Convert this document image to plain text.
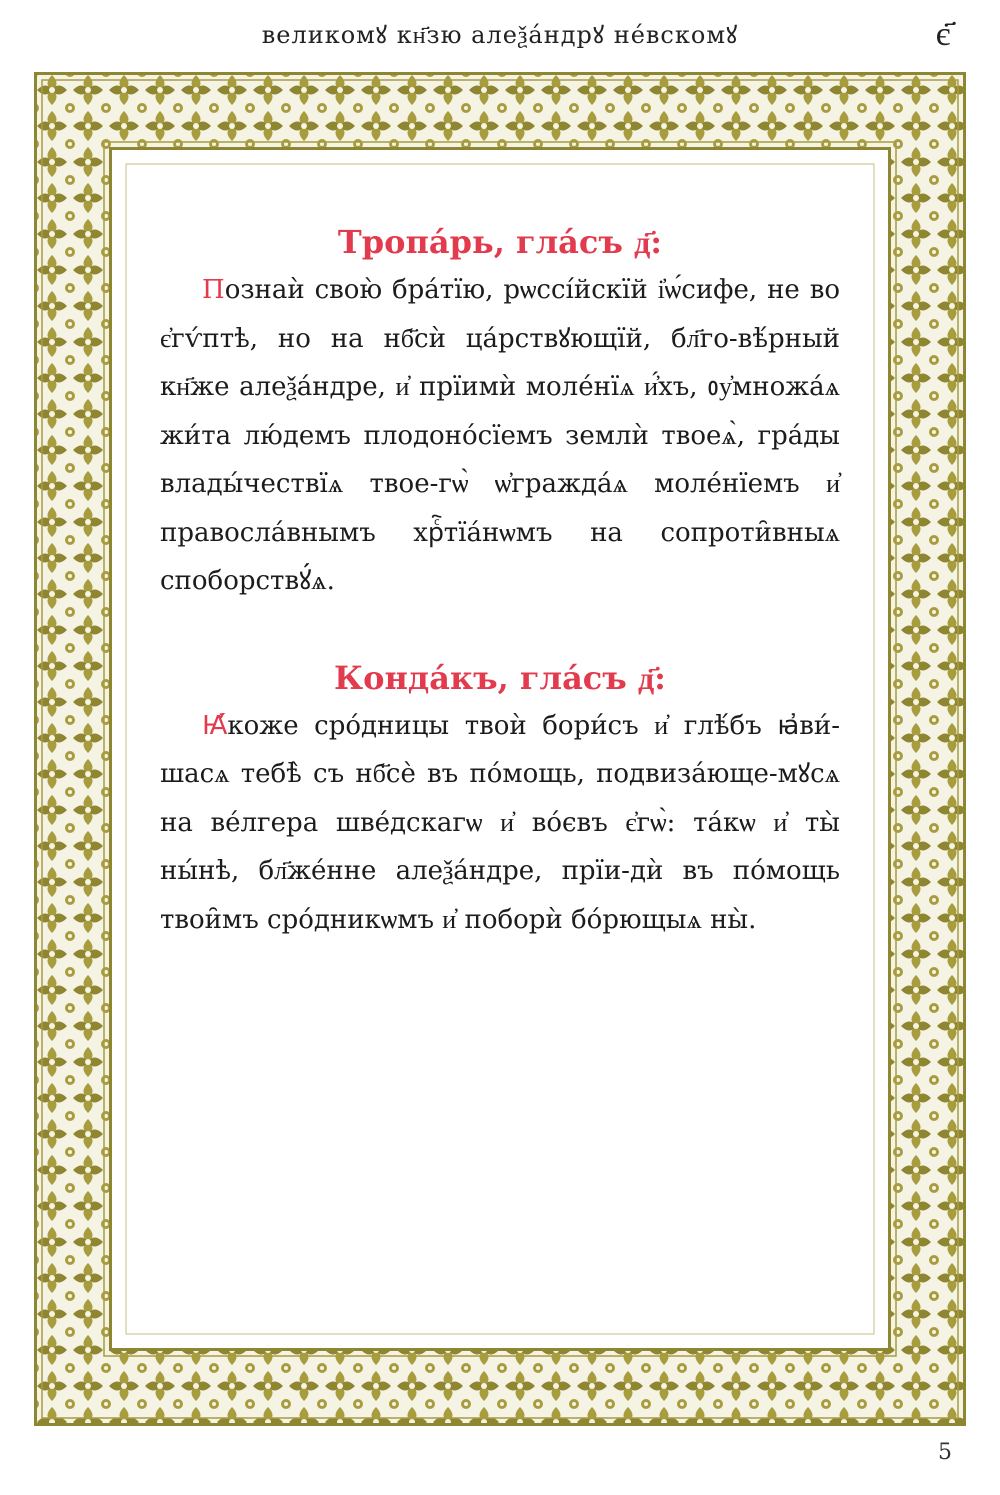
великомꙋ кн҃зю алеѯа́ндрꙋ не́вскомꙋ	є҃
Тропа́рь, гла́съ д҃:

Познаѝ свою̀ бра́тїю, рѡссі́йскїй і҆ѡ́сифе, не во є҆гѵ́птѣ, но на нб҃сѝ ца́рствꙋющїй, бл҃го-вѣ́рный кн҃же алеѯа́ндре, и҆ прїимѝ моле́нїѧ и҆́хъ, ᲂу҆множа́ѧ жи́та лю́демъ плодоно́сїемъ землѝ твоеѧ̀, гра́ды влады́чествїѧ твое-гѡ̀ ѡ҆гражда́ѧ моле́нїемъ и҆ правосла́внымъ хрⷭ҇тїа́нѡмъ на сопроти̑вныѧ споборствꙋ́ѧ.

Конда́къ, гла́съ д҃:

Ꙗ҆́коже сро́дницы твоѝ бори́съ и҆ глѣ́бъ ꙗ҆ви́-шасѧ тебѣ̀ съ нб҃сѐ въ по́мощь, подвиза́юще-мꙋсѧ на ве́лгера шве́дскагѡ и҆ во́євъ є҆гѡ̀: та́кѡ и҆ ты̀ ны́нѣ, бл҃же́нне алеѯа́ндре, прїи-дѝ въ по́мощь твои̑мъ сро́дникѡмъ и҆ поборѝ бо́рющыѧ ны̀.

5
